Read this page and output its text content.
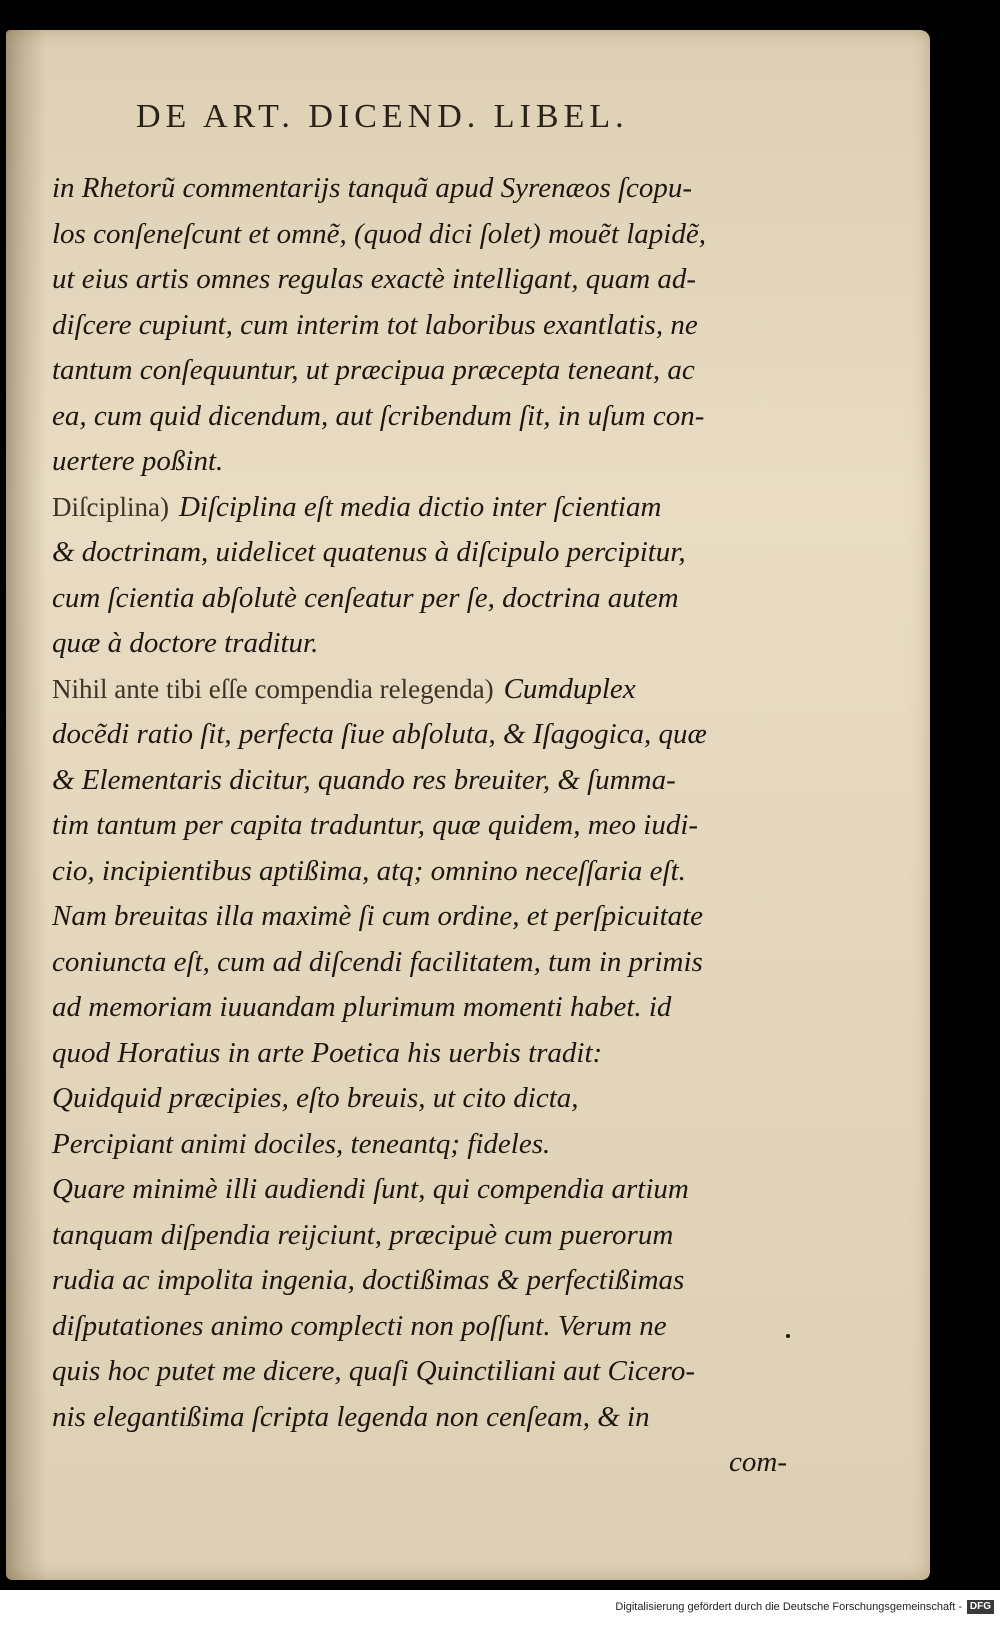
DE ART. DICEND. LIBEL.
in Rhetorũ commentarijs tanquã apud Syrenæos ſcopu-
los conſeneſcunt et omnẽ, (quod dici ſolet) mouẽt lapidẽ,
ut eius artis omnes regulas exactè intelligant, quam ad-
diſcere cupiunt, cum interim tot laboribus exantlatis, ne
tantum conſequuntur, ut præcipua præcepta teneant, ac
ea, cum quid dicendum, aut ſcribendum ſit, in uſum con-
uertere poßint.
Diſciplina) Diſciplina eſt media dictio inter ſcientiam
& doctrinam, uidelicet quatenus à diſcipulo percipitur,
cum ſcientia abſolutè cenſeatur per ſe, doctrina autem
quæ à doctore traditur.
Nihil ante tibi eſſe compendia relegenda) Cumduplex
docẽdi ratio ſit, perfecta ſiue abſoluta, & Iſagogica, quæ
& Elementaris dicitur, quando res breuiter, & ſumma-
tim tantum per capita traduntur, quæ quidem, meo iudi-
cio, incipientibus aptißima, atq; omnino neceſſaria eſt.
Nam breuitas illa maximè ſi cum ordine, et perſpicuitate
coniuncta eſt, cum ad diſcendi facilitatem, tum in primis
ad memoriam iuuandam plurimum momenti habet. id
quod Horatius in arte Poetica his uerbis tradit:
Quidquid præcipies, eſto breuis, ut cito dicta,
Percipiant animi dociles, teneantq; fideles.
Quare minimè illi audiendi ſunt, qui compendia artium
tanquam diſpendia reijciunt, præcipuè cum puerorum
rudia ac impolita ingenia, doctißimas & perfectißimas
diſputationes animo complecti non poſſunt. Verum ne
quis hoc putet me dicere, quaſi Quinctiliani aut Cicero-
nis elegantißima ſcripta legenda non cenſeam, & in
com-
Digitalisierung gefördert durch die Deutsche Forschungsgemeinschaft - DFG
